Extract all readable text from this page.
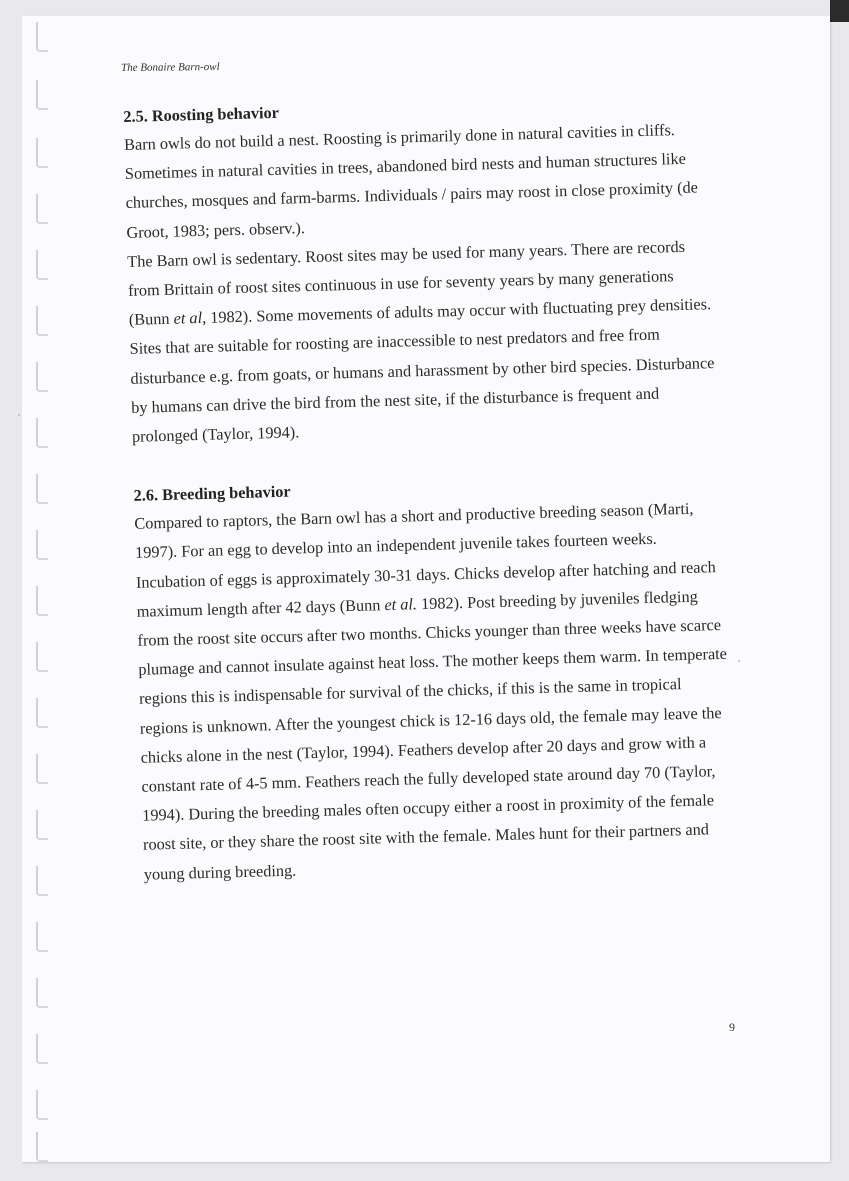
The Bonaire Barn-owl
2.5. Roosting behavior

Barn owls do not build a nest. Roosting is primarily done in natural cavities in cliffs. Sometimes in natural cavities in trees, abandoned bird nests and human structures like churches, mosques and farm-barms. Individuals / pairs may roost in close proximity (de Groot, 1983; pers. observ.).

The Barn owl is sedentary. Roost sites may be used for many years. There are records from Brittain of roost sites continuous in use for seventy years by many generations (Bunn et al, 1982). Some movements of adults may occur with fluctuating prey densities.

Sites that are suitable for roosting are inaccessible to nest predators and free from disturbance e.g. from goats, or humans and harassment by other bird species. Disturbance by humans can drive the bird from the nest site, if the disturbance is frequent and prolonged (Taylor, 1994).

2.6. Breeding behavior

Compared to raptors, the Barn owl has a short and productive breeding season (Marti, 1997). For an egg to develop into an independent juvenile takes fourteen weeks. Incubation of eggs is approximately 30-31 days. Chicks develop after hatching and reach maximum length after 42 days (Bunn et al. 1982). Post breeding by juveniles fledging from the roost site occurs after two months. Chicks younger than three weeks have scarce plumage and cannot insulate against heat loss. The mother keeps them warm. In temperate regions this is indispensable for survival of the chicks, if this is the same in tropical regions is unknown. After the youngest chick is 12-16 days old, the female may leave the chicks alone in the nest (Taylor, 1994). Feathers develop after 20 days and grow with a constant rate of 4-5 mm. Feathers reach the fully developed state around day 70 (Taylor, 1994). During the breeding males often occupy either a roost in proximity of the female roost site, or they share the roost site with the female. Males hunt for their partners and young during breeding.

9
